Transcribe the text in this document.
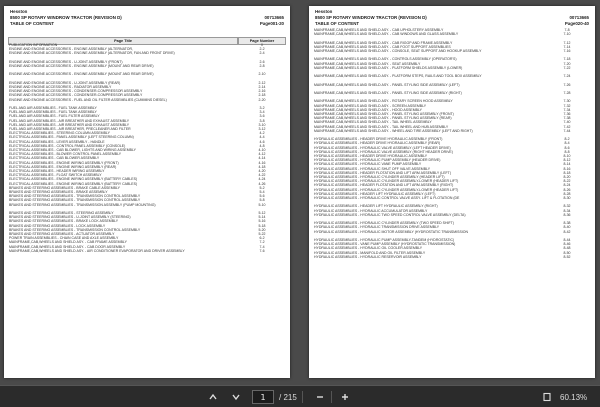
Hesston
8500 SP ROTARY WINDROW TRACTOR (REVISION D)	00713665
TABLE OF CONTENT	Page001-20
Page Title	Page Number
PUBLICATION INFORMATION	0
ENGINE AND ENGINE ACCESSORIES - ENGINE ASSEMBLY (ALTERNATOR,	2-2
ENGINE AND ENGINE ACCESSORIES - ENGINE ASSEMBLY (ALTERNATOR, FAN AND FRONT DRIVE)	2-4
ENGINE AND ENGINE ACCESSORIES - U-JOINT ASSEMBLY (FRONT)	2-6
ENGINE AND ENGINE ACCESSORIES - ENGINE ASSEMBLY (MOUNT AND REAR DRIVE)	2-8
ENGINE AND ENGINE ACCESSORIES - ENGINE ASSEMBLY (MOUNT AND REAR DRIVE)	2-10
ENGINE AND ENGINE ACCESSORIES - U-JOINT ASSEMBLY (REAR)	2-12
ENGINE AND ENGINE ACCESSORIES - RADIATOR ASSEMBLY	2-14
ENGINE AND ENGINE ACCESSORIES - CONDENSER-COMPRESSOR ASSEMBLY	2-16
ENGINE AND ENGINE ACCESSORIES - CONDENSER-COMPRESSOR ASSEMBLY	2-18
ENGINE AND ENGINE ACCESSORIES - FUEL AND OIL FILTER ASSEMBLIES (CUMMINS DIESEL)	2-20
FUEL AND AIR ASSEMBLIES - FUEL TANK ASSEMBLY	3-2
FUEL AND AIR ASSEMBLIES - FUEL TANK ASSEMBLY	3-4
FUEL AND AIR ASSEMBLIES - FUEL FILTER ASSEMBLY	3-6
FUEL AND AIR ASSEMBLIES - AIR BREATHER AND EXHAUST ASSEMBLY	3-8
FUEL AND AIR ASSEMBLIES - AIR BREATHER AND EXHAUST ASSEMBLY	3-10
FUEL AND AIR ASSEMBLIES - AIR BREATHER, PRECLEANER AND FILTER	3-12
ELECTRICAL ASSEMBLIES - STEERING COLUMN ASSEMBLY	4-2
ELECTRICAL ASSEMBLIES - PANEL ASSEMBLY (LEFT STEERING COLUMN)	4-4
ELECTRICAL ASSEMBLIES - LEVER ASSEMBLY - HANDLE	4-6
ELECTRICAL ASSEMBLIES - CONTROL PANEL ASSEMBLY (CONSOLE)	4-8
ELECTRICAL ASSEMBLIES - CAB BLOWER, LIGHTS AND WIRING ASSEMBLY	4-10
ELECTRICAL ASSEMBLIES - BLOWER CONTROL PANEL ASSEMBLY	4-12
ELECTRICAL ASSEMBLIES - CAB BLOWER ASSEMBLY	4-14
ELECTRICAL ASSEMBLIES - ENGINE WIRING ASSEMBLY (FRONT)	4-16
ELECTRICAL ASSEMBLIES - ENGINE WIRING ASSEMBLY (REAR)	4-18
ELECTRICAL ASSEMBLIES - HEADER WIRING ASSEMBLY	4-20
ELECTRICAL ASSEMBLIES - FLOAT SWITCH ASSEMBLY	4-22
ELECTRICAL ASSEMBLIES - ENGINE WIRING ASSEMBLY (BATTERY CABLES)	4-24
ELECTRICAL ASSEMBLIES - ENGINE WIRING ASSEMBLY (BATTERY CABLES)	4-26
BRAKES AND STEERING ASSEMBLIES - BRAKE CABLE ASSEMBLY	5-2
BRAKES AND STEERING ASSEMBLIES - BRAKE ASSEMBLY	5-4
BRAKES AND STEERING ASSEMBLIES - TRANSMISSION CONTROL ASSEMBLY	5-6
BRAKES AND STEERING ASSEMBLIES - TRANSMISSION CONTROL ASSEMBLY	5-8
BRAKES AND STEERING ASSEMBLIES - TRANSMISSION ASSEMBLY (PUMP MOUNTING)	5-10
BRAKES AND STEERING ASSEMBLIES - STEERING ASSEMBLY	5-12
BRAKES AND STEERING ASSEMBLIES - U-JOINT ASSEMBLY (STEERING)	5-14
BRAKES AND STEERING ASSEMBLIES - BRAKE LOCK ASSEMBLY	5-16
BRAKES AND STEERING ASSEMBLIES - LOCK ASSEMBLY	5-18
BRAKES AND STEERING ASSEMBLIES - TRANSMISSION CONTROL ASSEMBLY	5-20
BRAKES AND STEERING ASSEMBLIES - ACTUATOR ASSEMBLY	5-22
POWER TRAIN ASSEMBLIES - CHAIN CASE AND AXLE ASSEMBLY	6-2
MAINFRAME,CAB,WHEELS AND SHIELD ASY. - CAB FRAME ASSEMBLY	7-2
MAINFRAME,CAB,WHEELS AND SHIELD ASY. - CAB DOOR ASSEMBLY	7-4
MAINFRAME,CAB,WHEELS AND SHIELD ASY. - AIR CONDITIONER EVAPORATOR AND DRIVER ASSEMBLY	7-6
Hesston
8500 SP ROTARY WINDROW TRACTOR (REVISION D)	00713665
TABLE OF CONTENT	Page020-40
MAINFRAME,CAB,WHEELS AND SHIELD ASY. - CAB UPHOLSTERY ASSEMBLY	7-8
MAINFRAME,CAB,WHEELS AND SHIELD ASY. - CAB WINDOWS AND GLASS ASSEMBLY	7-10
MAINFRAME,CAB,WHEELS AND SHIELD ASY. - CAB RIGGP AND FRAME ASSEMBLY	7-12
MAINFRAME,CAB,WHEELS AND SHIELD ASY. - CAB FOOT SUPPORT ASSEMBLIES	7-14
MAINFRAME,CAB,WHEELS AND SHIELD ASY. - CONSOLE, SEAT SUPPORT AND HOOKUP ASSEMBLY	7-16
MAINFRAME,CAB,WHEELS AND SHIELD ASY. - CONTROLS ASSEMBLY (OPERATOR'S)	7-18
MAINFRAME,CAB,WHEELS AND SHIELD ASY. - SEAT ASSEMBLY	7-20
MAINFRAME,CAB,WHEELS AND SHIELD ASY. - PLATFORM SHIELDS ASSEMBLY (LOWER)	7-22
MAINFRAME,CAB,WHEELS AND SHIELD ASY. - PLATFORM STEPS, RAILS AND TOOL BOX ASSEMBLY	7-24
MAINFRAME,CAB,WHEELS AND SHIELD ASY. - PANEL STYLING SIDE ASSEMBLY (LEFT)	7-26
MAINFRAME,CAB,WHEELS AND SHIELD ASY. - PANEL STYLING SIDE ASSEMBLY (RIGHT)	7-28
MAINFRAME,CAB,WHEELS AND SHIELD ASY. - ROTARY SCREEN HOOD ASSEMBLY	7-30
MAINFRAME,CAB,WHEELS AND SHIELD ASY. - SCREEN ASSEMBLY	7-32
MAINFRAME,CAB,WHEELS AND SHIELD ASY. - HOOD ASSEMBLY	7-34
MAINFRAME,CAB,WHEELS AND SHIELD ASY. - PANEL STYLING ASSEMBLY (FRONT)	7-36
MAINFRAME,CAB,WHEELS AND SHIELD ASY. - PANEL STYLING ASSEMBLY (REAR)	7-38
MAINFRAME,CAB,WHEELS AND SHIELD ASY. - TAIL WHEEL ASSEMBLY	7-40
MAINFRAME,CAB,WHEELS AND SHIELD ASY. - TAIL WHEEL AND HUB ASSEMBLY	7-42
MAINFRAME,CAB,WHEELS AND SHIELD ASY. - WHEEL AND TIRE ASSEMBLY (LEFT AND RIGHT)	7-44
HYDRAULIC ASSEMBLIES - HEADER DRIVE HYDRAULIC ASSEMBLY (FRONT)	8-2
HYDRAULIC ASSEMBLIES - HEADER DRIVE HYDRAULIC ASSEMBLY (REAR)	8-4
HYDRAULIC ASSEMBLIES - HYDRAULIC VALVE ASSEMBLY (LEFT HEADER DRIVE)	8-6
HYDRAULIC ASSEMBLIES - HYDRAULIC VALVE ASSEMBLY (RIGHT HEADER DRIVE)	8-8
HYDRAULIC ASSEMBLIES - HEADER DRIVE HYDRAULIC ASSEMBLY	8-10
HYDRAULIC ASSEMBLIES - HYDRAULIC PUMP ASSEMBLY (HEADER DRIVE)	8-12
HYDRAULIC ASSEMBLIES - HYDRAULIC VANE PUMP ASSEMBLY	8-14
HYDRAULIC ASSEMBLIES - HYDRAULIC SHUT OFF VALVE ASSEMBLY	8-16
HYDRAULIC ASSEMBLIES - HEADER FLOTATION AND LIFT ARM ASSEMBLY (LEFT)	8-18
HYDRAULIC ASSEMBLIES - HYDRAULIC CYLINDER ASSEMBLY (HEADER LIFT)	8-20
HYDRAULIC ASSEMBLIES - HYDRAULIC CYLINDER ASSEMBLY-LOWER (HEADER LIFT)	8-22
HYDRAULIC ASSEMBLIES - HEADER FLOTATION AND LIFT ARM ASSEMBLY (RIGHT)	8-24
HYDRAULIC ASSEMBLIES - HYDRAULIC CYLINDER ASSEMBLY-LOWER (HEADER LIFT)	8-26
HYDRAULIC ASSEMBLIES - HEADER LIFT HYDRAULIC ASSEMBLY (LEFT)	8-28
HYDRAULIC ASSEMBLIES - HYDRAULIC CONTROL VALVE ASSY. LIFT & FLOTATION (DE	8-30
HYDRAULIC ASSEMBLIES - HEADER LIFT HYDRAULIC ASSEMBLY (RIGHT)	8-32
HYDRAULIC ASSEMBLIES - HYDRAULIC ACCUMULATOR ASSEMBLY	8-34
HYDRAULIC ASSEMBLIES - HYDRAULIC TWO SPEED CONTROL VALVE ASSEMBLY (DELTA)	8-36
HYDRAULIC ASSEMBLIES - HYDRAULIC CYLINDER ASSEMBLY (TWO SPEED SHIFT)	8-38
HYDRAULIC ASSEMBLIES - HYDRAULIC TRANSMISSION DRIVE ASSEMBLY	8-40
HYDRAULIC ASSEMBLIES - HYDRAULIC MOTOR ASSEMBLY (HYDROSTATIC TRANSMISSION	8-42
HYDRAULIC ASSEMBLIES - HYDRAULIC PUMP ASSEMBLY-TANDEM (HYDROSTATIC)	8-44
HYDRAULIC ASSEMBLIES - VANE PUMP ASSEMBLY (HYDROSTATIC TRANSMISSION)	8-46
HYDRAULIC ASSEMBLIES - HYDRAULIC OIL COOLER ASSEMBLY	8-48
HYDRAULIC ASSEMBLIES - MANIFOLD AND OIL FILTER ASSEMBLY	8-50
HYDRAULIC ASSEMBLIES - HYDRAULIC RESERVOIR ASSEMBLY	8-52
1	/ 215	60.13%
